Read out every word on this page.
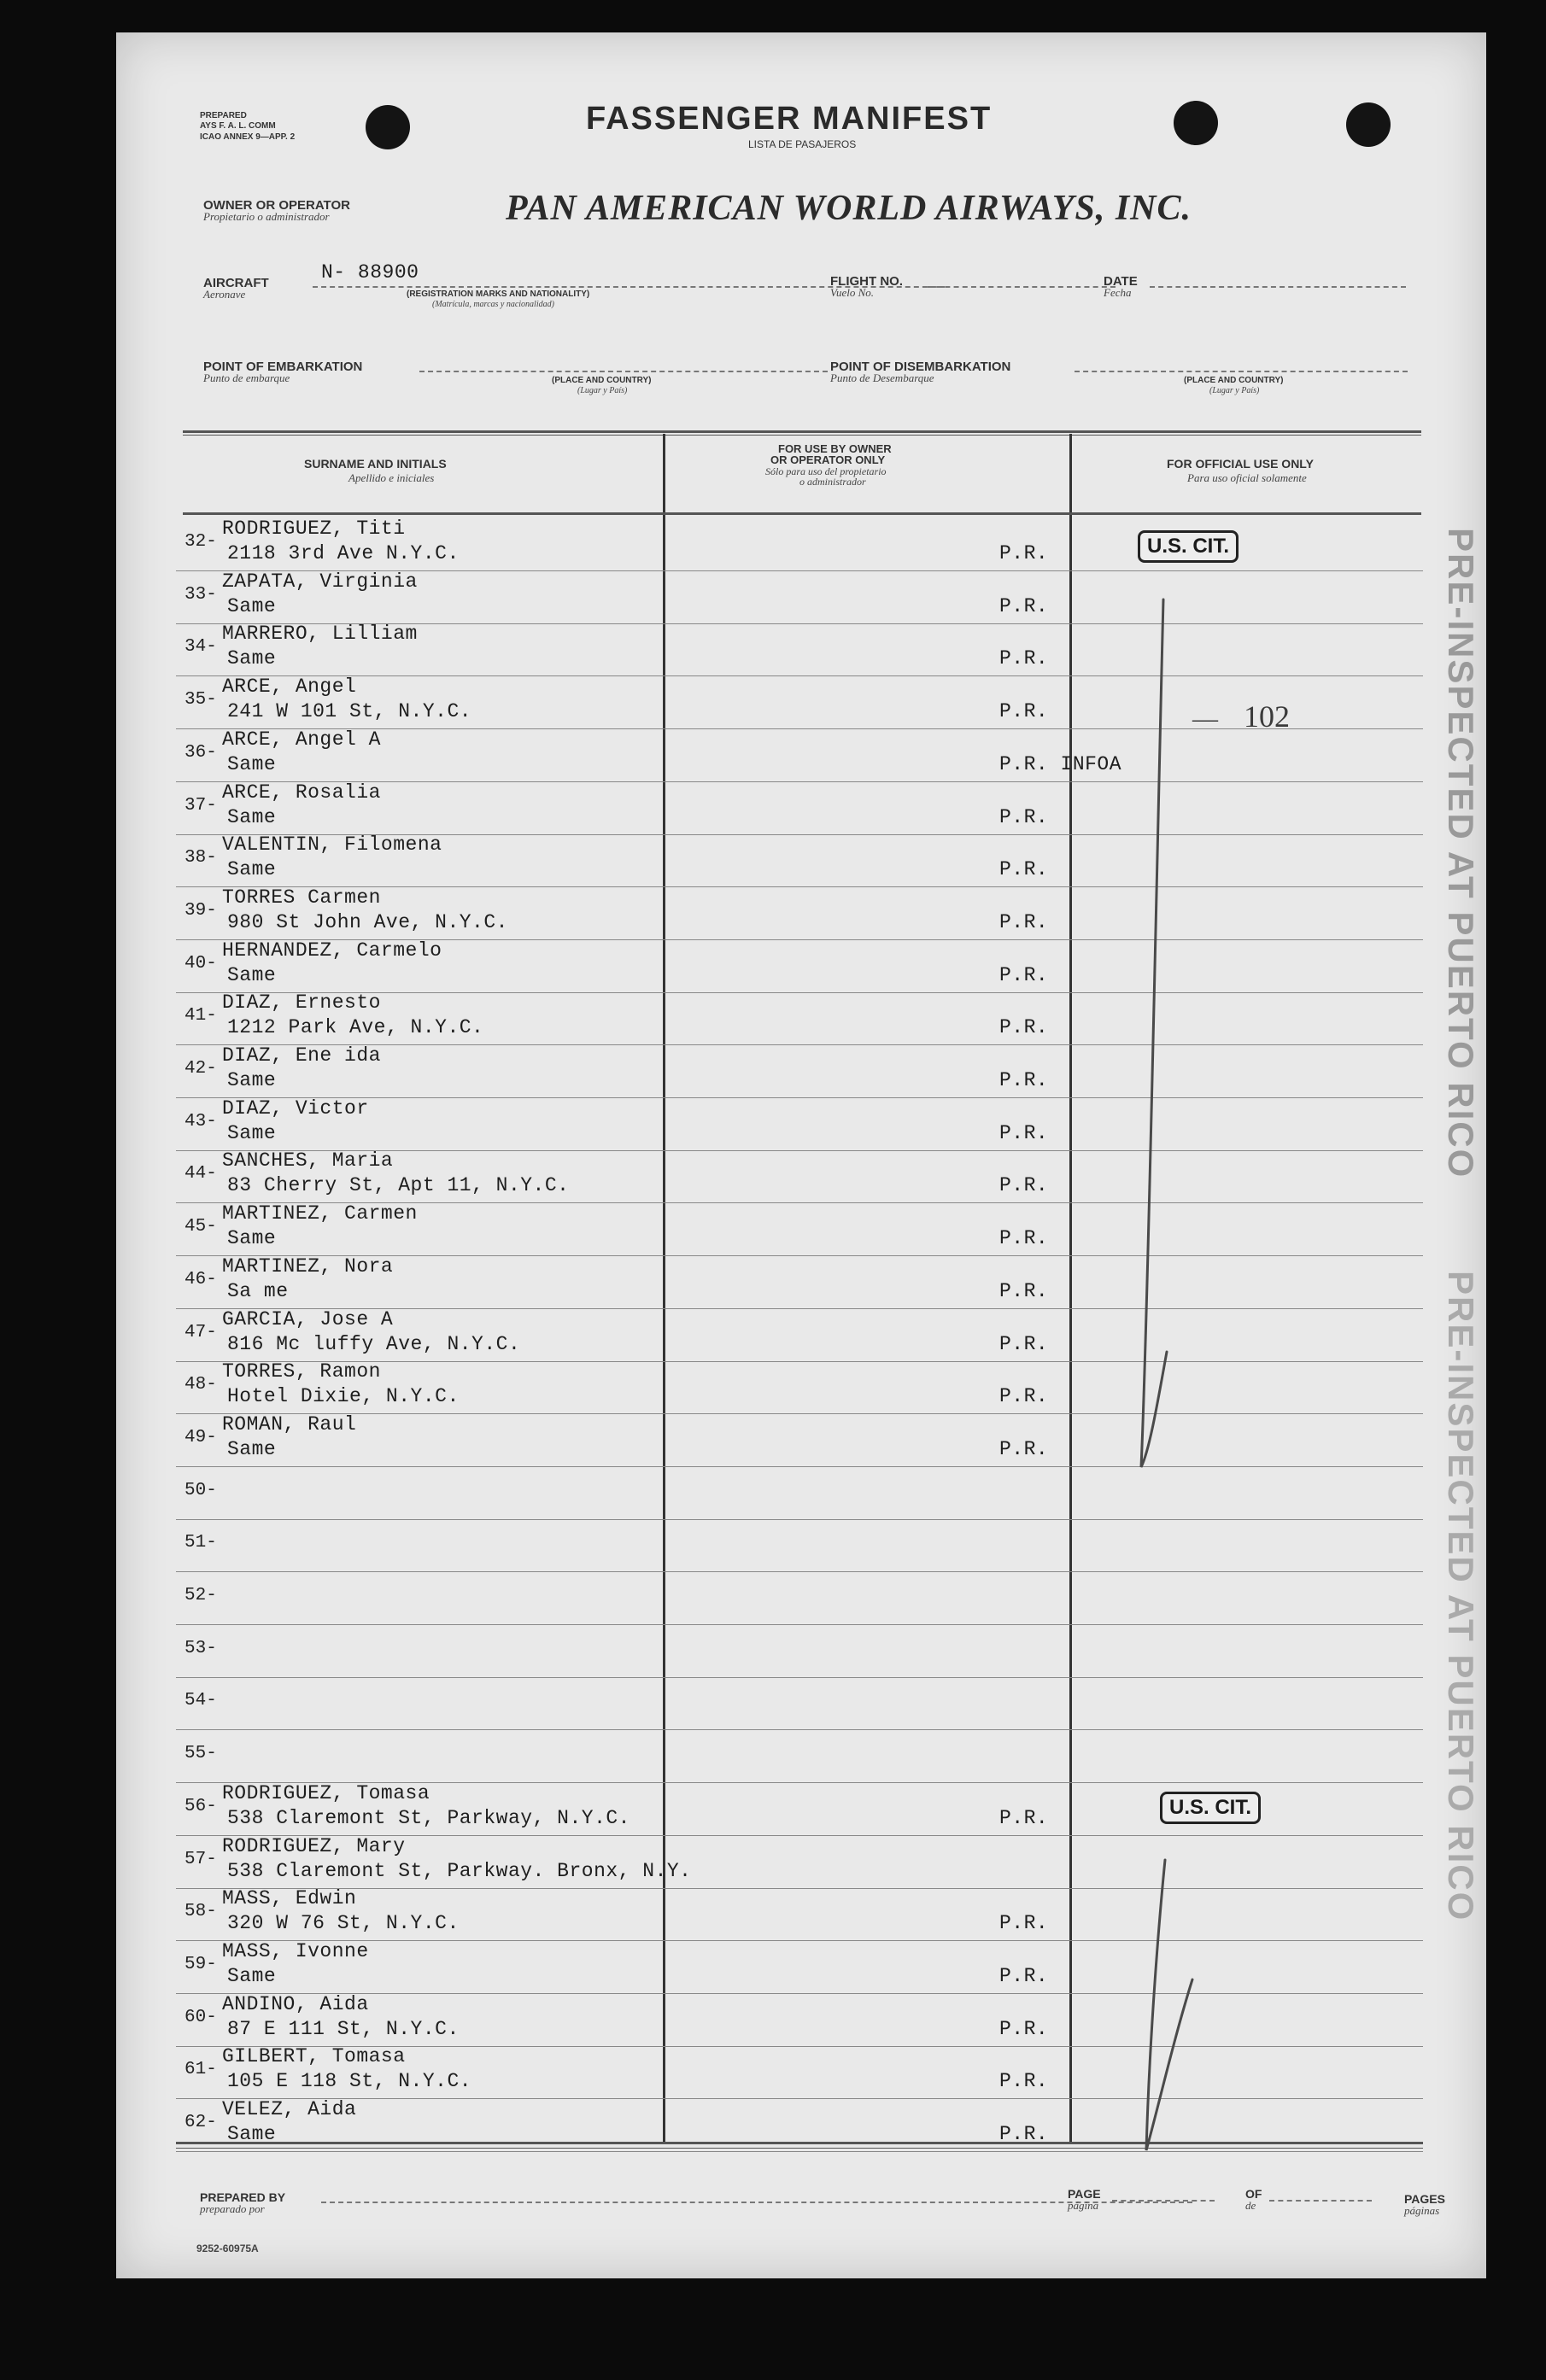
PREPARED
AYS F. A. L. COMM
ICAO ANNEX 9—APP. 2
FASSENGER MANIFEST
LISTA DE PASAJEROS
OWNER OR OPERATOR
Propietario o administrador	PAN AMERICAN WORLD AIRWAYS, INC.
AIRCRAFT
Aeronave
N- 88900
(REGISTRATION MARKS AND NATIONALITY)
(Matrícula, marcas y nacionalidad)
FLIGHT NO.
Vuelo No.
DATE
Fecha
POINT OF EMBARKATION
Punto de embarque	(PLACE AND COUNTRY)
(Lugar y País)
POINT OF DISEMBARKATION
Punto de Desembarque	(PLACE AND COUNTRY)
(Lugar y País)
SURNAME AND INITIALS
Apellido e iniciales
FOR USE BY OWNER
OR OPERATOR ONLY
Sólo para uso del propietario
o administrador
FOR OFFICIAL USE ONLY
Para uso oficial solamente
32-
RODRIGUEZ, Titi
2118 3rd Ave N.Y.C.	P.R.
33-
ZAPATA, Virginia
Same	P.R.
34-
MARRERO, Lilliam
Same	P.R.
35-
ARCE, Angel
241 W 101 St, N.Y.C.	P.R.
36-
ARCE, Angel A
Same	P.R. INFOA
37-
ARCE, Rosalia
Same	P.R.
38-
VALENTIN, Filomena
Same	P.R.
39-
TORRES Carmen
980 St John Ave, N.Y.C.	P.R.
40-
HERNANDEZ, Carmelo
Same	P.R.
41-
DIAZ, Ernesto
1212 Park Ave, N.Y.C.	P.R.
42-
DIAZ, Ene ida
Same	P.R.
43-
DIAZ, Victor
Same	P.R.
44-
SANCHES, Maria
83 Cherry St, Apt 11, N.Y.C.	P.R.
45-
MARTINEZ, Carmen
Same	P.R.
46-
MARTINEZ, Nora
Sa me	P.R.
47-
GARCIA, Jose A
816 Mc luffy Ave, N.Y.C.	P.R.
48-
TORRES, Ramon
Hotel Dixie, N.Y.C.	P.R.
49-
ROMAN, Raul
Same	P.R.
50-
51-
52-
53-
54-
55-
56-
RODRIGUEZ, Tomasa
538 Claremont St, Parkway, N.Y.C.	P.R.
57-
RODRIGUEZ, Mary
538 Claremont St, Parkway. Bronx, N.Y.
58-
MASS, Edwin
320 W 76 St, N.Y.C.	P.R.
59-
MASS, Ivonne
Same	P.R.
60-
ANDINO, Aida
87 E 111 St, N.Y.C.	P.R.
61-
GILBERT, Tomasa
105 E 118 St, N.Y.C.	P.R.
62-
VELEZ, Aida
Same	P.R.
U.S. CIT.
— 102
U.S. CIT.
PRE-INSPECTED AT PUERTO RICO
PRE-INSPECTED AT PUERTO RICO
PREPARED BY
preparado por
PAGE
página
OF
de	PAGES
páginas
9252-60975A
